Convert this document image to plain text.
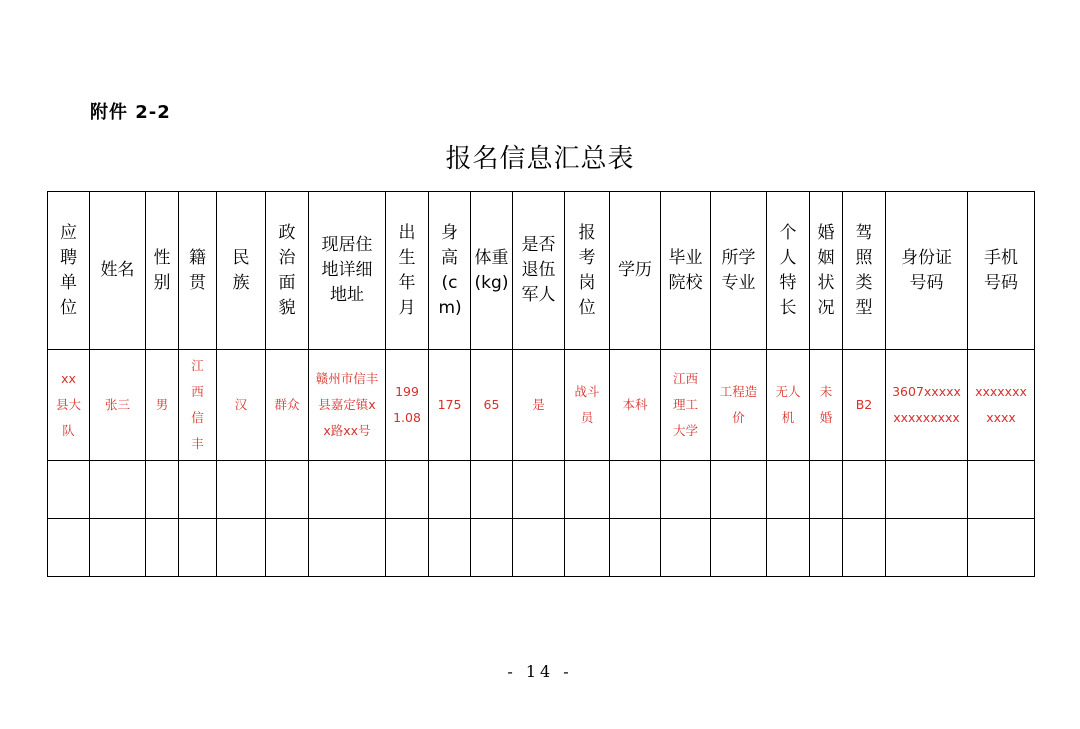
附件 2-2
报名信息汇总表
应聘单位	姓名	性别	籍贯	民族	政治面貌	现居住地详细地址	出生年月	身高(cm)	体重(kg)	是否退伍军人	报考岗位	学历	毕业院校	所学专业	个人特长	婚姻状况	驾照类型	身份证号码	手机号码
xx县大队	张三	男	江西信丰	汉	群众	赣州市信丰县嘉定镇xx路xx号	1991.08	175	65	是	战斗员	本科	江西理工大学	工程造价	无人机	未婚	B2	3607xxxxxxxxxxxxxx	xxxxxxxxxxx

- 14 -
